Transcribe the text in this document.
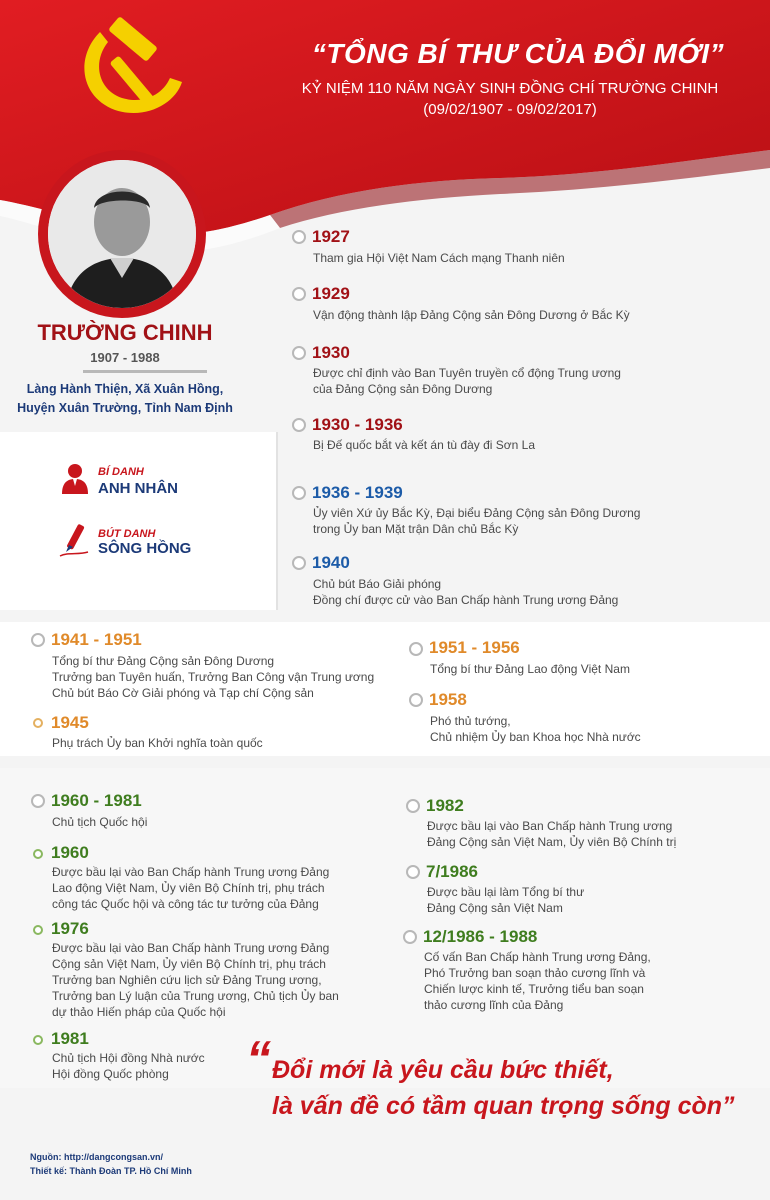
“TỔNG BÍ THƯ CỦA ĐỔI MỚI”
KỶ NIỆM 110 NĂM NGÀY SINH ĐỒNG CHÍ TRƯỜNG CHINH
(09/02/1907 - 09/02/2017)
TRƯỜNG CHINH
1907 - 1988
Làng Hành Thiện, Xã Xuân Hồng,
Huyện Xuân Trường, Tỉnh Nam Định
BÍ DANH
ANH NHÂN
BÚT DANH
SÔNG HỒNG
1927
Tham gia Hội Việt Nam Cách mạng Thanh niên
1929
Vận động thành lập Đảng Cộng sản Đông Dương ở Bắc Kỳ
1930
Được chỉ định vào Ban Tuyên truyền cổ động Trung ương
của Đảng Cộng sản Đông Dương
1930 - 1936
Bị Đế quốc bắt và kết án tù đày đi Sơn La
1936 - 1939
Ủy viên Xứ ủy Bắc Kỳ, Đại biểu Đảng Cộng sản Đông Dương
trong Ủy ban Mặt trận Dân chủ Bắc Kỳ
1940
Chủ bút Báo Giải phóng
Đồng chí được cử vào Ban Chấp hành Trung ương Đảng
1941 - 1951
Tổng bí thư Đảng Cộng sản Đông Dương
Trưởng ban Tuyên huấn, Trưởng Ban Công vận Trung ương
Chủ bút Báo Cờ Giải phóng và Tạp chí Cộng sản
1945
Phụ trách Ủy ban Khởi nghĩa toàn quốc
1951 - 1956
Tổng bí thư Đảng Lao động Việt Nam
1958
Phó thủ tướng,
Chủ nhiệm Ủy ban Khoa học Nhà nước
1960 - 1981
Chủ tịch Quốc hội
1960
Được bầu lại vào Ban Chấp hành Trung ương Đảng
Lao động Việt Nam, Ủy viên Bộ Chính trị, phụ trách
công tác Quốc hội và công tác tư tưởng của Đảng
1976
Được bầu lại vào Ban Chấp hành Trung ương Đảng
Cộng sản Việt Nam, Ủy viên Bộ Chính trị, phụ trách
Trưởng ban Nghiên cứu lịch sử Đảng Trung ương,
Trưởng ban Lý luận của Trung ương, Chủ tịch Ủy ban
dự thảo Hiến pháp của Quốc hội
1981
Chủ tịch Hội đồng Nhà nước
Hội đồng Quốc phòng
1982
Được bầu lại vào Ban Chấp hành Trung ương
Đảng Cộng sản Việt Nam, Ủy viên Bộ Chính trị
7/1986
Được bầu lại làm Tổng bí thư
Đảng Cộng sản Việt Nam
12/1986 - 1988
Cố vấn Ban Chấp hành Trung ương Đảng,
Phó Trưởng ban soạn thảo cương lĩnh và
Chiến lược kinh tế, Trưởng tiểu ban soạn
thảo cương lĩnh của Đảng
“ Đổi mới là yêu cầu bức thiết,
là vấn đề có tầm quan trọng sống còn”
Nguồn: http://dangcongsan.vn/
Thiết kế: Thành Đoàn TP. Hồ Chí Minh
